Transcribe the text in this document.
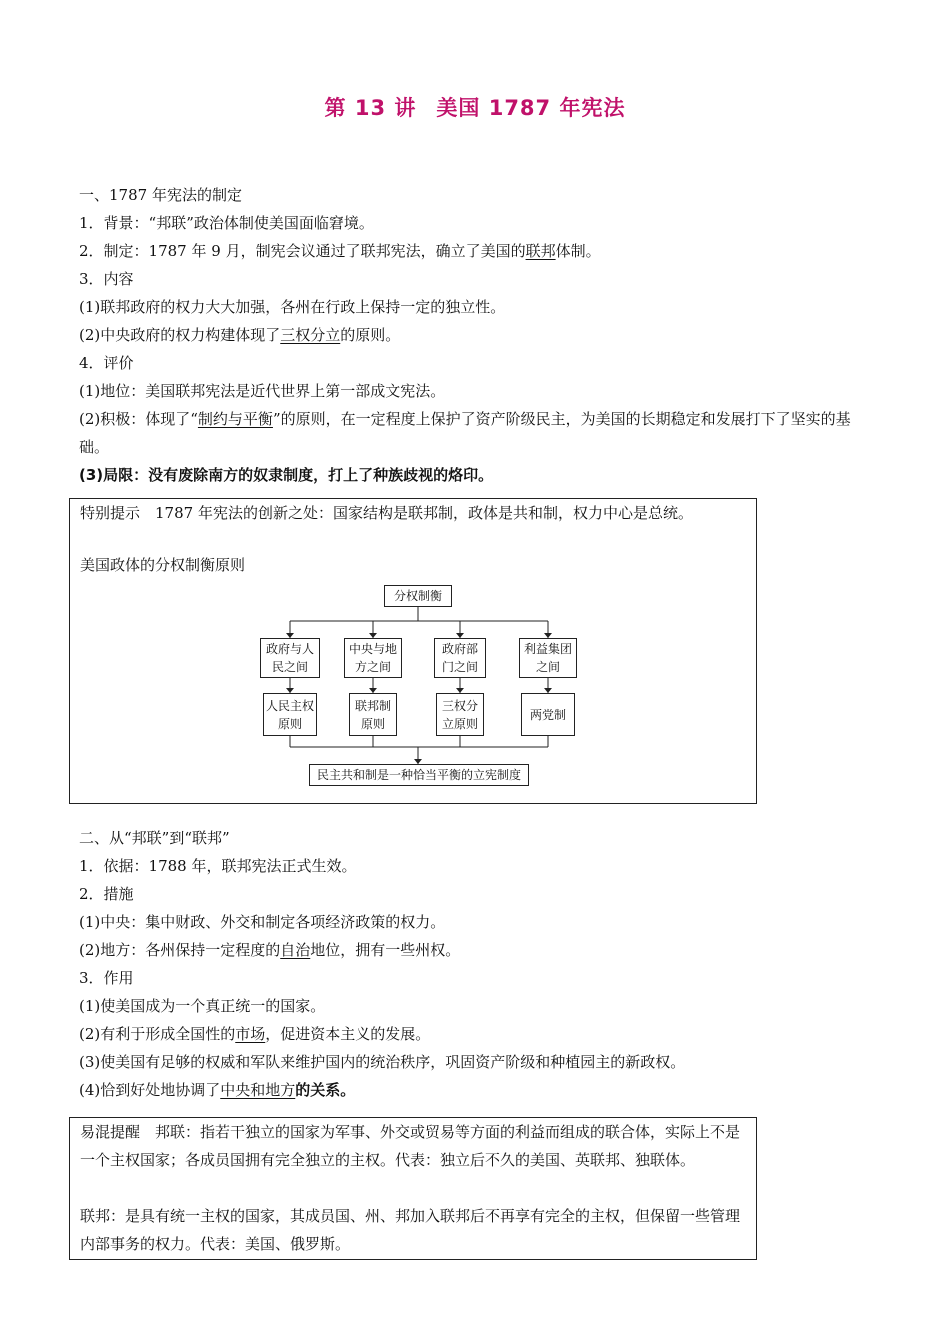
第 13 讲 美国 1787 年宪法
一、1787 年宪法的制定
1．背景：“邦联”政治体制使美国面临窘境。
2．制定：1787 年 9 月，制宪会议通过了联邦宪法，确立了美国的联邦体制。
3．内容
(1)联邦政府的权力大大加强，各州在行政上保持一定的独立性。
(2)中央政府的权力构建体现了三权分立的原则。
4．评价
(1)地位：美国联邦宪法是近代世界上第一部成文宪法。
(2)积极：体现了“制约与平衡”的原则，在一定程度上保护了资产阶级民主，为美国的长期稳定和发展打下了坚实的基础。
(3)局限：没有废除南方的奴隶制度，打上了种族歧视的烙印。
特别提示　1787 年宪法的创新之处：国家结构是联邦制，政体是共和制，权力中心是总统。
美国政体的分权制衡原则
分权制衡
政府与人民之间
中央与地方之间
政府部门之间
利益集团之间
人民主权原则
联邦制原则
三权分立原则
两党制
民主共和制是一种恰当平衡的立宪制度
二、从“邦联”到“联邦”
1．依据：1788 年，联邦宪法正式生效。
2．措施
(1)中央：集中财政、外交和制定各项经济政策的权力。
(2)地方：各州保持一定程度的自治地位，拥有一些州权。
3．作用
(1)使美国成为一个真正统一的国家。
(2)有利于形成全国性的市场，促进资本主义的发展。
(3)使美国有足够的权威和军队来维护国内的统治秩序，巩固资产阶级和种植园主的新政权。
(4)恰到好处地协调了中央和地方的关系。
易混提醒　邦联：指若干独立的国家为军事、外交或贸易等方面的利益而组成的联合体，实际上不是一个主权国家；各成员国拥有完全独立的主权。代表：独立后不久的美国、英联邦、独联体。
联邦：是具有统一主权的国家，其成员国、州、邦加入联邦后不再享有完全的主权，但保留一些管理内部事务的权力。代表：美国、俄罗斯。
